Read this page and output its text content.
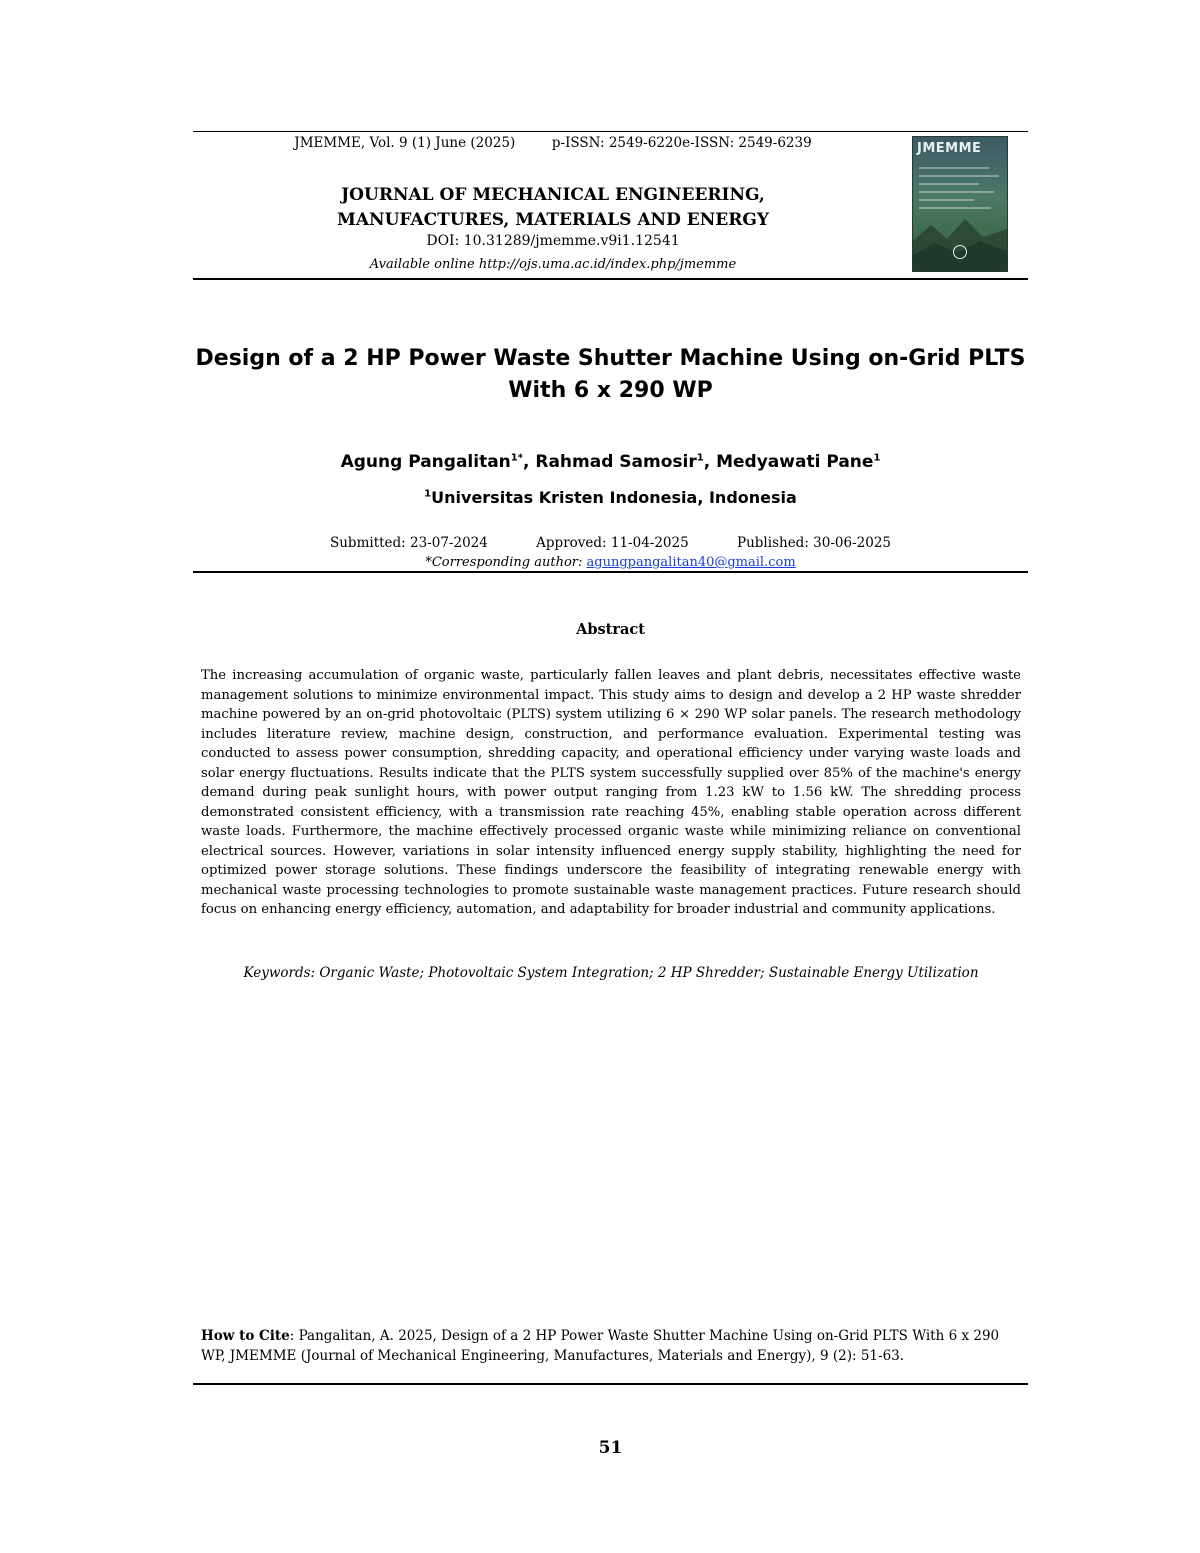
JMEMME, Vol. 9 (1) June (2025)	p-ISSN: 2549-6220e-ISSN: 2549-6239
JOURNAL OF MECHANICAL ENGINEERING,
MANUFACTURES, MATERIALS AND ENERGY
DOI: 10.31289/jmemme.v9i1.12541
Available online http://ojs.uma.ac.id/index.php/jmemme
JMEMME
Design of a 2 HP Power Waste Shutter Machine Using on-Grid PLTS
With 6 x 290 WP
Agung Pangalitan$^{1*}$, Rahmad Samosir$^1$, Medyawati Pane$^1$
$^1$Universitas Kristen Indonesia, Indonesia
Submitted: 23-07-2024	Approved: 11-04-2025	Published: 30-06-2025
*Corresponding author: agungpangalitan40@gmail.com
Abstract
The increasing accumulation of organic waste, particularly fallen leaves and plant debris, necessitates effective waste management solutions to minimize environmental impact. This study aims to design and develop a 2 HP waste shredder machine powered by an on-grid photovoltaic (PLTS) system utilizing 6 × 290 WP solar panels. The research methodology includes literature review, machine design, construction, and performance evaluation. Experimental testing was conducted to assess power consumption, shredding capacity, and operational efficiency under varying waste loads and solar energy fluctuations. Results indicate that the PLTS system successfully supplied over 85% of the machine's energy demand during peak sunlight hours, with power output ranging from 1.23 kW to 1.56 kW. The shredding process demonstrated consistent efficiency, with a transmission rate reaching 45%, enabling stable operation across different waste loads. Furthermore, the machine effectively processed organic waste while minimizing reliance on conventional electrical sources. However, variations in solar intensity influenced energy supply stability, highlighting the need for optimized power storage solutions. These findings underscore the feasibility of integrating renewable energy with mechanical waste processing technologies to promote sustainable waste management practices. Future research should focus on enhancing energy efficiency, automation, and adaptability for broader industrial and community applications.
Keywords: Organic Waste; Photovoltaic System Integration; 2 HP Shredder; Sustainable Energy Utilization
How to Cite: Pangalitan, A. 2025, Design of a 2 HP Power Waste Shutter Machine Using on-Grid PLTS With 6 x 290 WP, JMEMME (Journal of Mechanical Engineering, Manufactures, Materials and Energy), 9 (2): 51-63.
51
